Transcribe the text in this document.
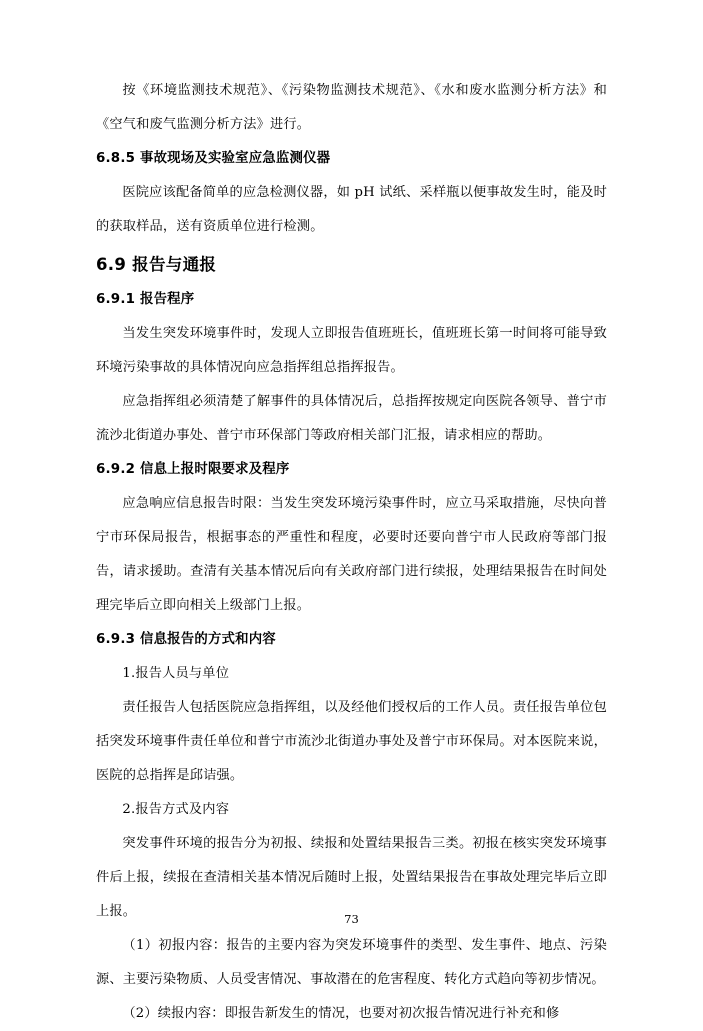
按《环境监测技术规范》、《污染物监测技术规范》、《水和废水监测分析方法》和《空气和废气监测分析方法》进行。

6.8.5 事故现场及实验室应急监测仪器

医院应该配备简单的应急检测仪器，如 pH 试纸、采样瓶以便事故发生时，能及时的获取样品，送有资质单位进行检测。

6.9 报告与通报
6.9.1 报告程序

当发生突发环境事件时，发现人立即报告值班班长，值班班长第一时间将可能导致环境污染事故的具体情况向应急指挥组总指挥报告。

应急指挥组必须清楚了解事件的具体情况后，总指挥按规定向医院各领导、普宁市流沙北街道办事处、普宁市环保部门等政府相关部门汇报，请求相应的帮助。

6.9.2 信息上报时限要求及程序

应急响应信息报告时限：当发生突发环境污染事件时，应立马采取措施，尽快向普宁市环保局报告，根据事态的严重性和程度，必要时还要向普宁市人民政府等部门报告，请求援助。查清有关基本情况后向有关政府部门进行续报，处理结果报告在时间处理完毕后立即向相关上级部门上报。

6.9.3 信息报告的方式和内容

1.报告人员与单位

责任报告人包括医院应急指挥组，以及经他们授权后的工作人员。责任报告单位包括突发环境事件责任单位和普宁市流沙北街道办事处及普宁市环保局。对本医院来说，医院的总指挥是邱诘强。

2.报告方式及内容

突发事件环境的报告分为初报、续报和处置结果报告三类。初报在核实突发环境事件后上报，续报在查清相关基本情况后随时上报，处置结果报告在事故处理完毕后立即上报。

（1）初报内容：报告的主要内容为突发环境事件的类型、发生事件、地点、污染源、主要污染物质、人员受害情况、事故潜在的危害程度、转化方式趋向等初步情况。

（2）续报内容：即报告新发生的情况，也要对初次报告情况进行补充和修

73
